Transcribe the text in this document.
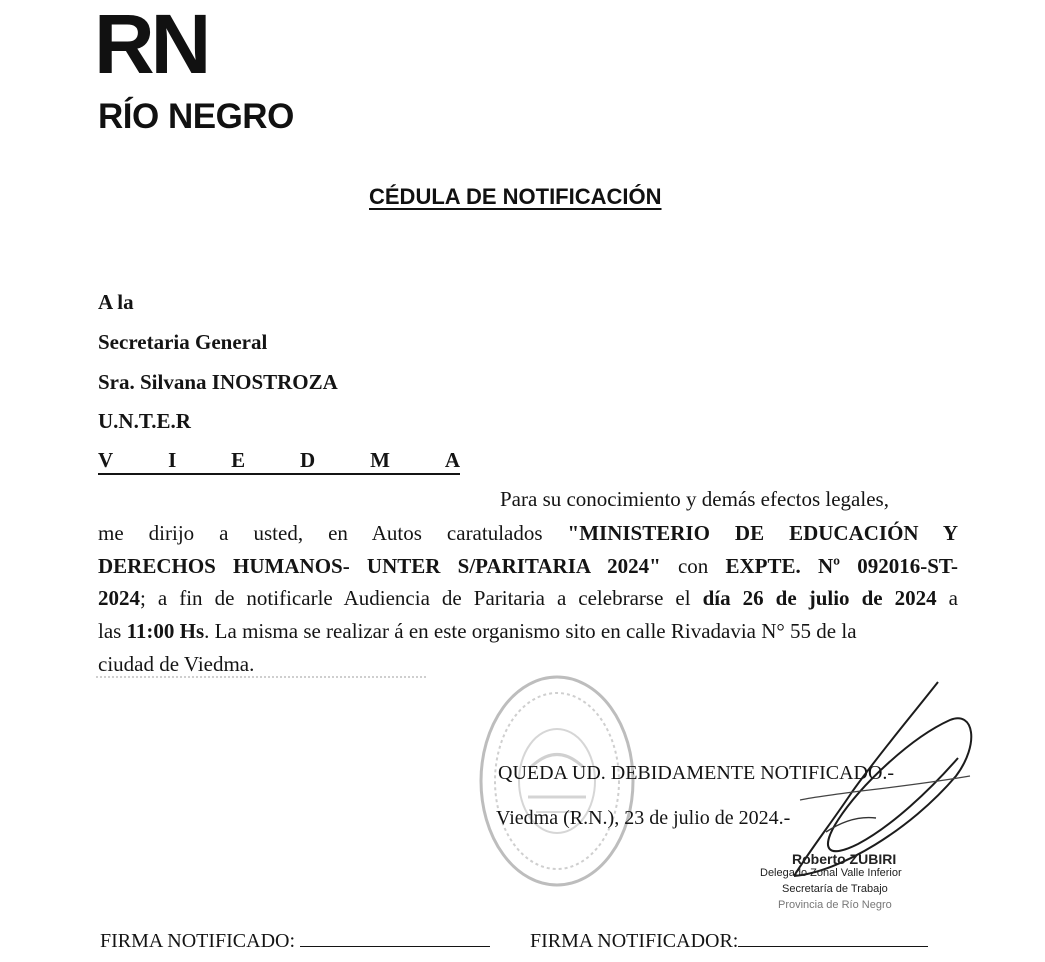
RN
RÍO NEGRO
CÉDULA DE NOTIFICACIÓN
A la
Secretaria General
Sra. Silvana INOSTROZA
U.N.T.E.R
V	I	E	D	M	A
Para su conocimiento y demás efectos legales,
me dirijo a usted, en Autos caratulados "MINISTERIO DE EDUCACIÓN Y
DERECHOS HUMANOS- UNTER S/PARITARIA 2024" con EXPTE. Nº 092016-ST-
2024; a fin de notificarle Audiencia de Paritaria a celebrarse el día 26 de julio de 2024 a
las 11:00 Hs. La misma se realizar á en este organismo sito en calle Rivadavia N° 55 de la
ciudad de Viedma.
QUEDA UD. DEBIDAMENTE NOTIFICADO.-
Viedma (R.N.), 23 de julio de 2024.-
Roberto ZUBIRI
Delegado Zonal Valle Inferior
Secretaría de Trabajo
Provincia de Río Negro
FIRMA NOTIFICADO:	FIRMA NOTIFICADOR:
